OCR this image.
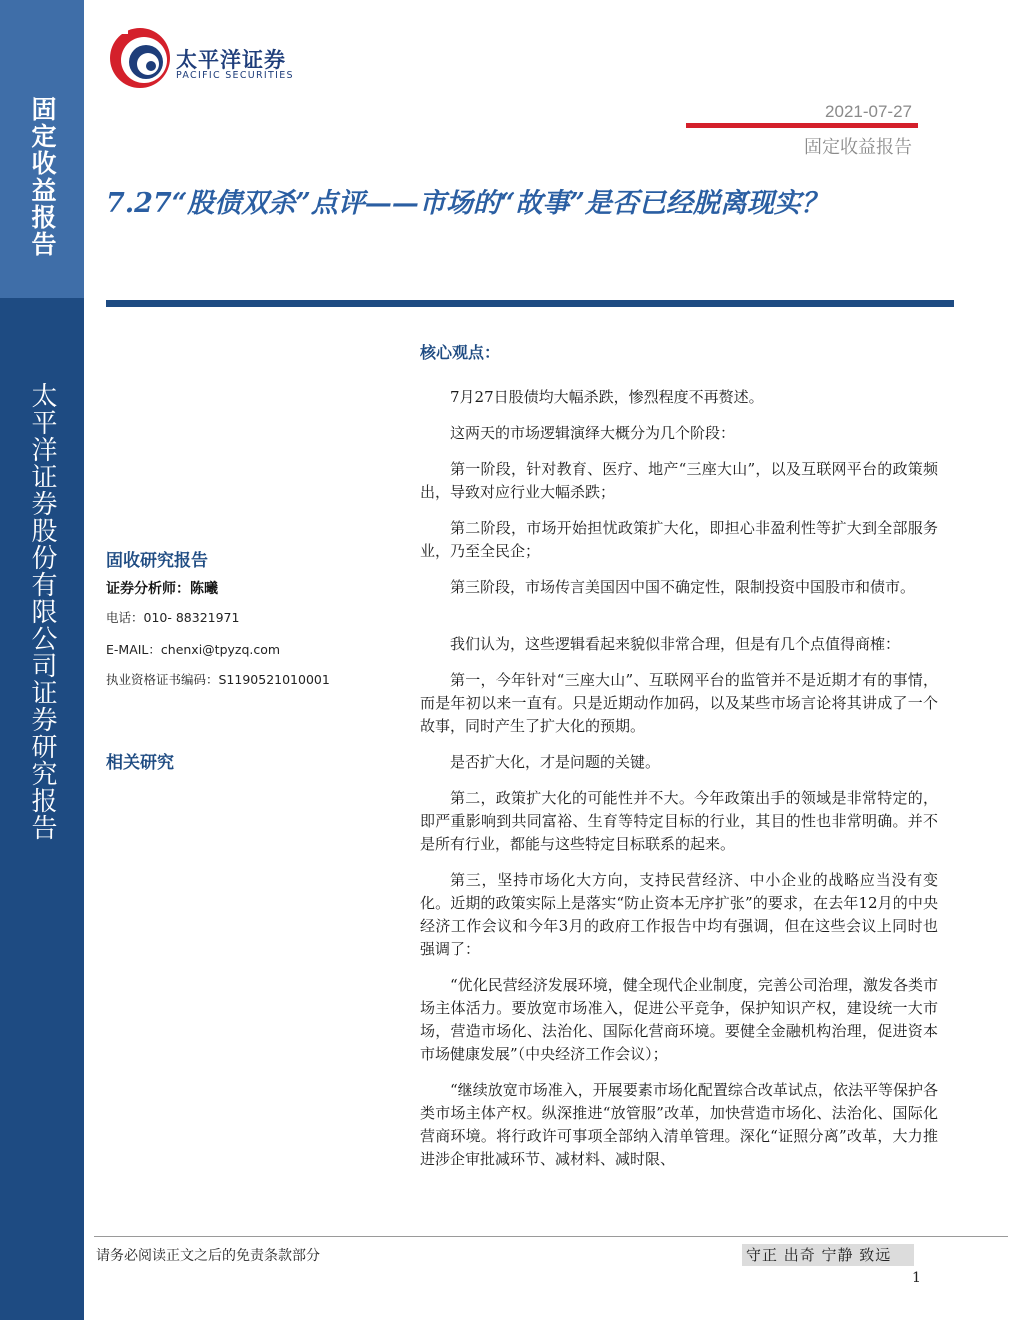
固定收益报告
太平洋证券股份有限公司证券研究报告
太平洋证券
PACIFIC SECURITIES
2021-07-27
固定收益报告
7.27“股债双杀”点评——市场的“故事”是否已经脱离现实？
固收研究报告
证券分析师：陈曦
电话：010- 88321971
E-MAIL：chenxi@tpyzq.com
执业资格证书编码：S1190521010001
相关研究
核心观点：

7月27日股债均大幅杀跌，惨烈程度不再赘述。

这两天的市场逻辑演绎大概分为几个阶段：

第一阶段，针对教育、医疗、地产“三座大山”，以及互联网平台的政策频出，导致对应行业大幅杀跌；

第二阶段，市场开始担忧政策扩大化，即担心非盈利性等扩大到全部服务业，乃至全民企；

第三阶段，市场传言美国因中国不确定性，限制投资中国股市和债市。

我们认为，这些逻辑看起来貌似非常合理，但是有几个点值得商榷：

第一，今年针对“三座大山”、互联网平台的监管并不是近期才有的事情，而是年初以来一直有。只是近期动作加码，以及某些市场言论将其讲成了一个故事，同时产生了扩大化的预期。

是否扩大化，才是问题的关键。

第二，政策扩大化的可能性并不大。今年政策出手的领域是非常特定的，即严重影响到共同富裕、生育等特定目标的行业，其目的性也非常明确。并不是所有行业，都能与这些特定目标联系的起来。

第三，坚持市场化大方向，支持民营经济、中小企业的战略应当没有变化。近期的政策实际上是落实“防止资本无序扩张”的要求，在去年12月的中央经济工作会议和今年3月的政府工作报告中均有强调，但在这些会议上同时也强调了：

“优化民营经济发展环境，健全现代企业制度，完善公司治理，激发各类市场主体活力。要放宽市场准入，促进公平竞争，保护知识产权，建设统一大市场，营造市场化、法治化、国际化营商环境。要健全金融机构治理，促进资本市场健康发展”（中央经济工作会议）；

“继续放宽市场准入，开展要素市场化配置综合改革试点，依法平等保护各类市场主体产权。纵深推进“放管服”改革，加快营造市场化、法治化、国际化营商环境。将行政许可事项全部纳入清单管理。深化“证照分离”改革，大力推进涉企审批减环节、减材料、减时限、

请务必阅读正文之后的免责条款部分	守正 出奇 宁静 致远
1
